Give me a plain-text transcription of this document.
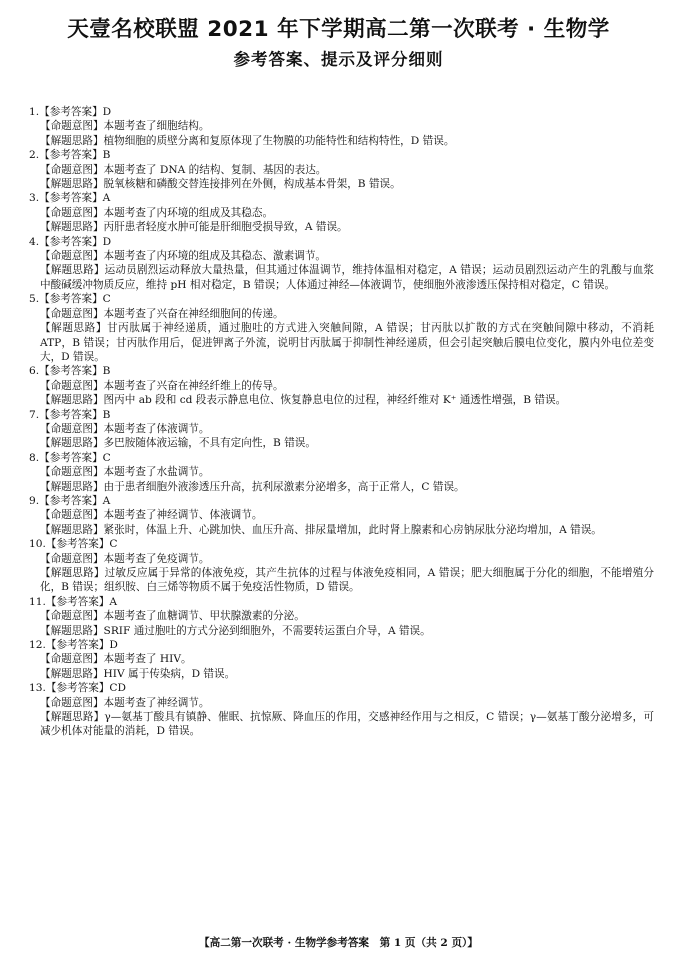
天壹名校联盟 2021 年下学期高二第一次联考 · 生物学
参考答案、提示及评分细则
1.【参考答案】D
【命题意图】本题考查了细胞结构。
【解题思路】植物细胞的质壁分离和复原体现了生物膜的功能特性和结构特性，D 错误。
2.【参考答案】B
【命题意图】本题考查了 DNA 的结构、复制、基因的表达。
【解题思路】脱氧核糖和磷酸交替连接排列在外侧，构成基本骨架，B 错误。
3.【参考答案】A
【命题意图】本题考查了内环境的组成及其稳态。
【解题思路】丙肝患者轻度水肿可能是肝细胞受损导致，A 错误。
4.【参考答案】D
【命题意图】本题考查了内环境的组成及其稳态、激素调节。
【解题思路】运动员剧烈运动释放大量热量，但其通过体温调节，维持体温相对稳定，A 错误；运动员剧烈运动产生的乳酸与血浆中酸碱缓冲物质反应，维持 pH 相对稳定，B 错误；人体通过神经—体液调节，使细胞外液渗透压保持相对稳定，C 错误。
5.【参考答案】C
【命题意图】本题考查了兴奋在神经细胞间的传递。
【解题思路】甘丙肽属于神经递质，通过胞吐的方式进入突触间隙，A 错误；甘丙肽以扩散的方式在突触间隙中移动，不消耗 ATP，B 错误；甘丙肽作用后，促进钾离子外流，说明甘丙肽属于抑制性神经递质，但会引起突触后膜电位变化，膜内外电位差变大，D 错误。
6.【参考答案】B
【命题意图】本题考查了兴奋在神经纤维上的传导。
【解题思路】图丙中 ab 段和 cd 段表示静息电位、恢复静息电位的过程，神经纤维对 K⁺ 通透性增强，B 错误。
7.【参考答案】B
【命题意图】本题考查了体液调节。
【解题思路】多巴胺随体液运输，不具有定向性，B 错误。
8.【参考答案】C
【命题意图】本题考查了水盐调节。
【解题思路】由于患者细胞外液渗透压升高，抗利尿激素分泌增多，高于正常人，C 错误。
9.【参考答案】A
【命题意图】本题考查了神经调节、体液调节。
【解题思路】紧张时，体温上升、心跳加快、血压升高、排尿量增加，此时肾上腺素和心房钠尿肽分泌均增加，A 错误。
10.【参考答案】C
【命题意图】本题考查了免疫调节。
【解题思路】过敏反应属于异常的体液免疫，其产生抗体的过程与体液免疫相同，A 错误；肥大细胞属于分化的细胞，不能增殖分化，B 错误；组织胺、白三烯等物质不属于免疫活性物质，D 错误。
11.【参考答案】A
【命题意图】本题考查了血糖调节、甲状腺激素的分泌。
【解题思路】SRIF 通过胞吐的方式分泌到细胞外，不需要转运蛋白介导，A 错误。
12.【参考答案】D
【命题意图】本题考查了 HIV。
【解题思路】HIV 属于传染病，D 错误。
13.【参考答案】CD
【命题意图】本题考查了神经调节。
【解题思路】γ—氨基丁酸具有镇静、催眠、抗惊厥、降血压的作用，交感神经作用与之相反，C 错误；γ—氨基丁酸分泌增多，可减少机体对能量的消耗，D 错误。
【高二第一次联考 · 生物学参考答案　第 1 页（共 2 页）】
